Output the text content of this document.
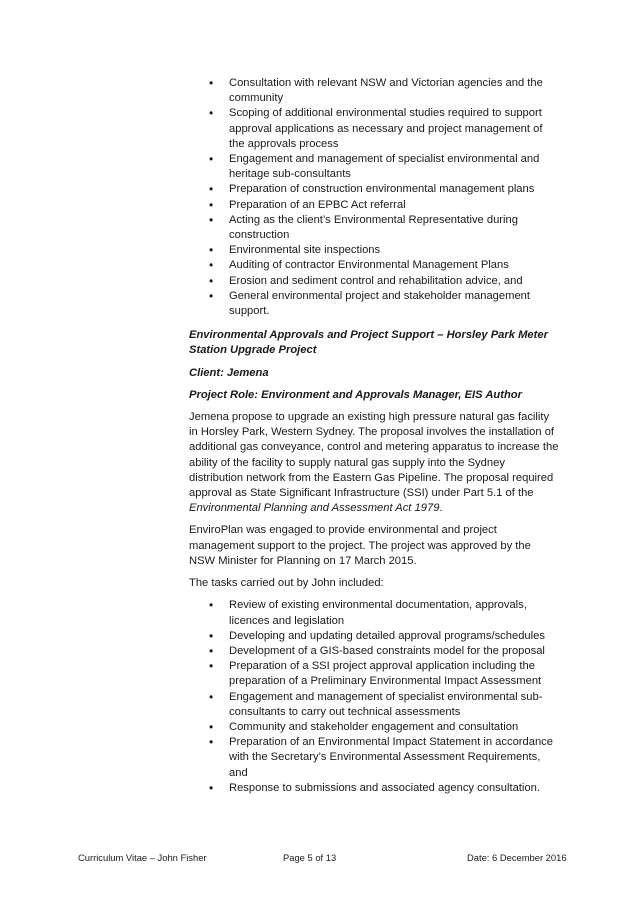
• Consultation with relevant NSW and Victorian agencies and the community
• Scoping of additional environmental studies required to support approval applications as necessary and project management of the approvals process
• Engagement and management of specialist environmental and heritage sub-consultants
• Preparation of construction environmental management plans
• Preparation of an EPBC Act referral
• Acting as the client’s Environmental Representative during construction
• Environmental site inspections
• Auditing of contractor Environmental Management Plans
• Erosion and sediment control and rehabilitation advice, and
• General environmental project and stakeholder management support.

Environmental Approvals and Project Support – Horsley Park Meter Station Upgrade Project

Client: Jemena

Project Role: Environment and Approvals Manager, EIS Author

Jemena propose to upgrade an existing high pressure natural gas facility in Horsley Park, Western Sydney. The proposal involves the installation of additional gas conveyance, control and metering apparatus to increase the ability of the facility to supply natural gas supply into the Sydney distribution network from the Eastern Gas Pipeline. The proposal required approval as State Significant Infrastructure (SSI) under Part 5.1 of the Environmental Planning and Assessment Act 1979.

EnviroPlan was engaged to provide environmental and project management support to the project. The project was approved by the NSW Minister for Planning on 17 March 2015.

The tasks carried out by John included:

• Review of existing environmental documentation, approvals, licences and legislation
• Developing and updating detailed approval programs/schedules
• Development of a GIS-based constraints model for the proposal
• Preparation of a SSI project approval application including the preparation of a Preliminary Environmental Impact Assessment
• Engagement and management of specialist environmental sub-consultants to carry out technical assessments
• Community and stakeholder engagement and consultation
• Preparation of an Environmental Impact Statement in accordance with the Secretary’s Environmental Assessment Requirements, and
• Response to submissions and associated agency consultation.
Curriculum Vitae – John Fisher	Page 5 of 13	Date: 6 December 2016
